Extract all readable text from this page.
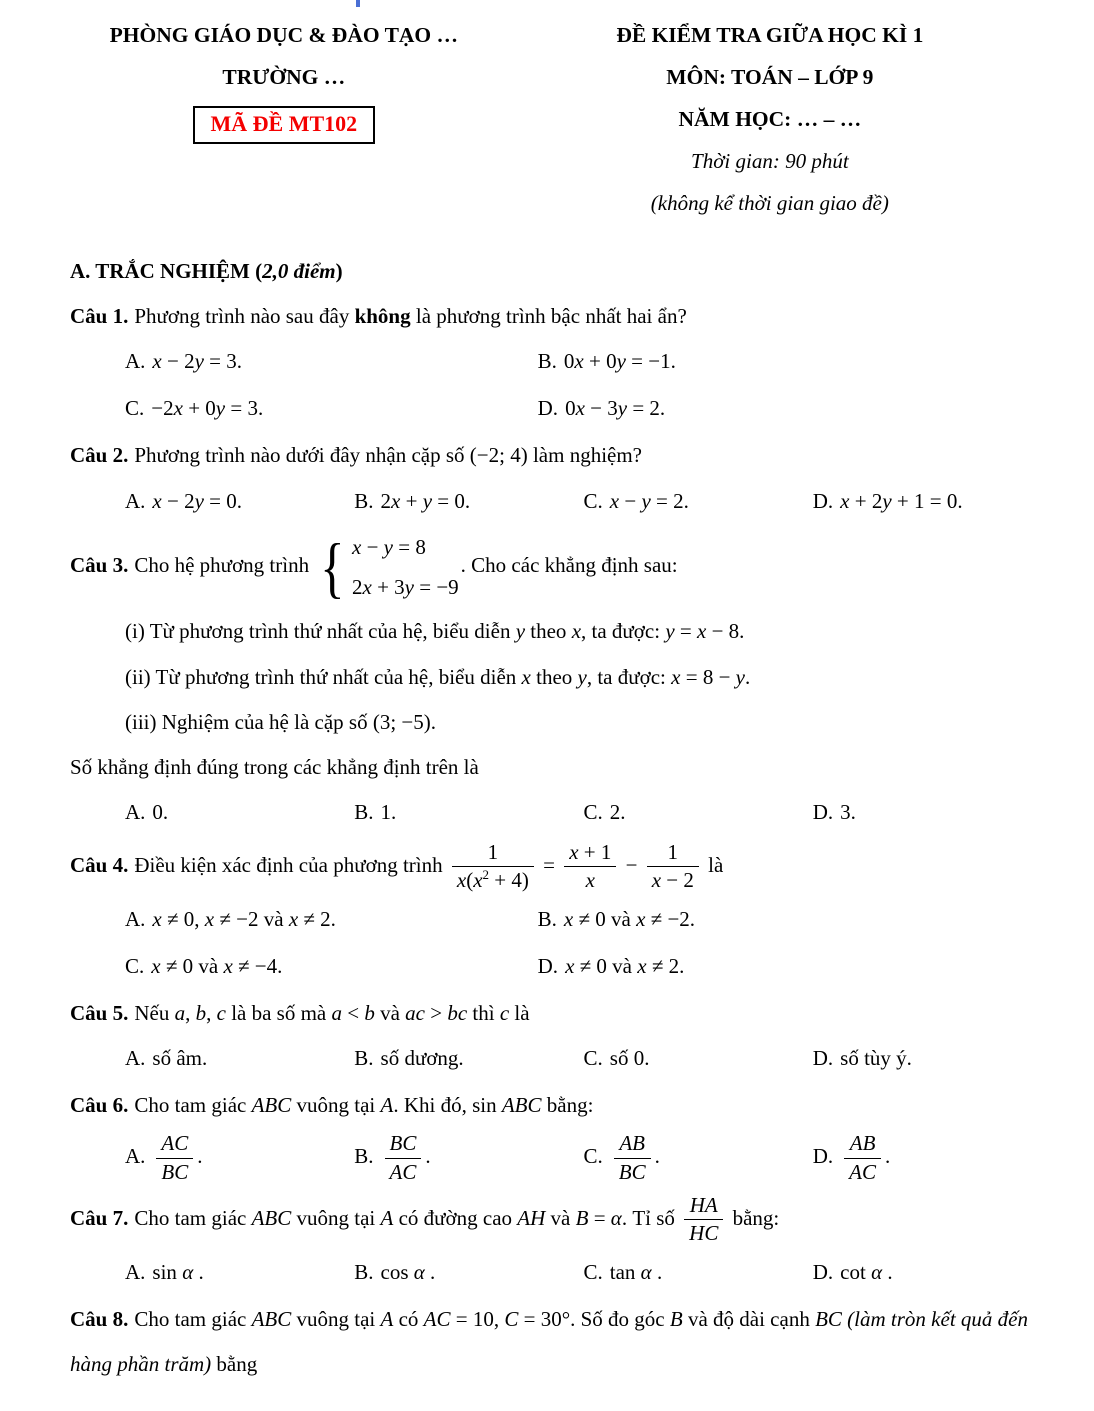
PHÒNG GIÁO DỤC & ĐÀO TẠO …
TRƯỜNG …
MÃ ĐỀ MT102
ĐỀ KIỂM TRA GIỮA HỌC KÌ 1
MÔN: TOÁN – LỚP 9
NĂM HỌC: … – …
Thời gian: 90 phút
(không kể thời gian giao đề)
A. TRẮC NGHIỆM (2,0 điểm)
Câu 1. Phương trình nào sau đây không là phương trình bậc nhất hai ẩn?
A. x − 2y = 3.	B. 0x + 0y = −1.
C. −2x + 0y = 3.	D. 0x − 3y = 2.
Câu 2. Phương trình nào dưới đây nhận cặp số (−2; 4) làm nghiệm?
A. x − 2y = 0.	B. 2x + y = 0.	C. x − y = 2.	D. x + 2y + 1 = 0.
Câu 3. Cho hệ phương trình { x − y = 8
2x + 3y = −9
. Cho các khẳng định sau:
(i) Từ phương trình thứ nhất của hệ, biểu diễn y theo x, ta được: y = x − 8.
(ii) Từ phương trình thứ nhất của hệ, biểu diễn x theo y, ta được: x = 8 − y.
(iii) Nghiệm của hệ là cặp số (3; −5).
Số khẳng định đúng trong các khẳng định trên là
A. 0.	B. 1.	C. 2.	D. 3.
Câu 4. Điều kiện xác định của phương trình $\frac{1}{x(x^2 + 4)} = \frac{x + 1}{x} - \frac{1}{x - 2}$ là
A. x ≠ 0, x ≠ −2 và x ≠ 2.	B. x ≠ 0 và x ≠ −2.
C. x ≠ 0 và x ≠ −4.	D. x ≠ 0 và x ≠ 2.
Câu 5. Nếu a, b, c là ba số mà a < b và ac > bc thì c là
A. số âm.	B. số dương.	C. số 0.	D. số tùy ý.
Câu 6. Cho tam giác ABC vuông tại A. Khi đó, sin ABC bằng:
A. $\frac{AC}{BC}$ .	B. $\frac{BC}{AC}$ .	C. $\frac{AB}{BC}$ .	D. $\frac{AB}{AC}$ .
Câu 7. Cho tam giác ABC vuông tại A có đường cao AH và B = α. Tỉ số $\frac{HA}{HC}$ bằng:
A. sin α .	B. cos α .	C. tan α .	D. cot α .
Câu 8. Cho tam giác ABC vuông tại A có AC = 10, C = 30°. Số đo góc B và độ dài cạnh BC (làm tròn kết quả đến hàng phần trăm) bằng
